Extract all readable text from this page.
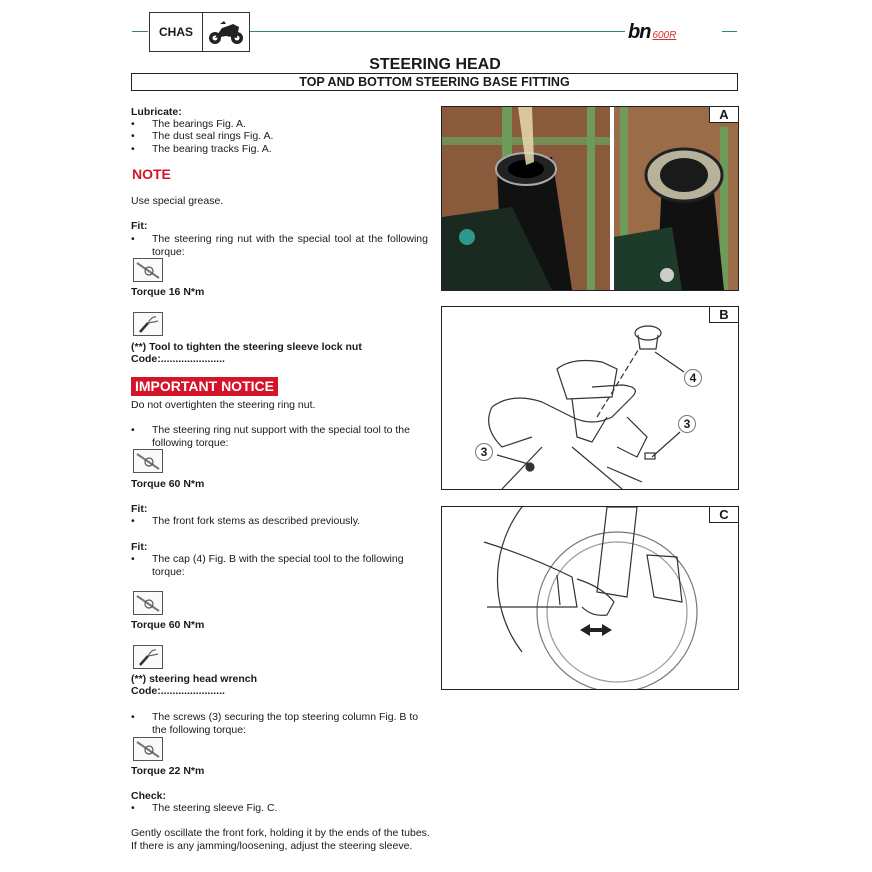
CHAS	bn 600R
STEERING HEAD
TOP AND BOTTOM STEERING BASE FITTING
Lubricate:
• The bearings Fig. A.
• The dust seal rings Fig. A.
• The bearing tracks Fig. A.
NOTE
Use special grease.
Fit:
• The steering ring nut with the special tool at the following torque:
Torque 16 N*m
(**) Tool to tighten the steering sleeve lock nut
Code:......................
IMPORTANT NOTICE
Do not overtighten the steering ring nut.
• The steering ring nut support with the special tool to the following torque:
Torque 60 N*m
Fit:
• The front fork stems as described previously.
Fit:
• The cap (4) Fig. B with the special tool to the following torque:
Torque 60 N*m
(**) steering head wrench
Code:......................
• The screws (3) securing the top steering column Fig. B to the following torque:
Torque 22 N*m
Check:
• The steering sleeve Fig. C.
Gently oscillate the front fork, holding it by the ends of the tubes.
If there is any jamming/loosening, adjust the steering sleeve.
A
4
3
3
B
C
